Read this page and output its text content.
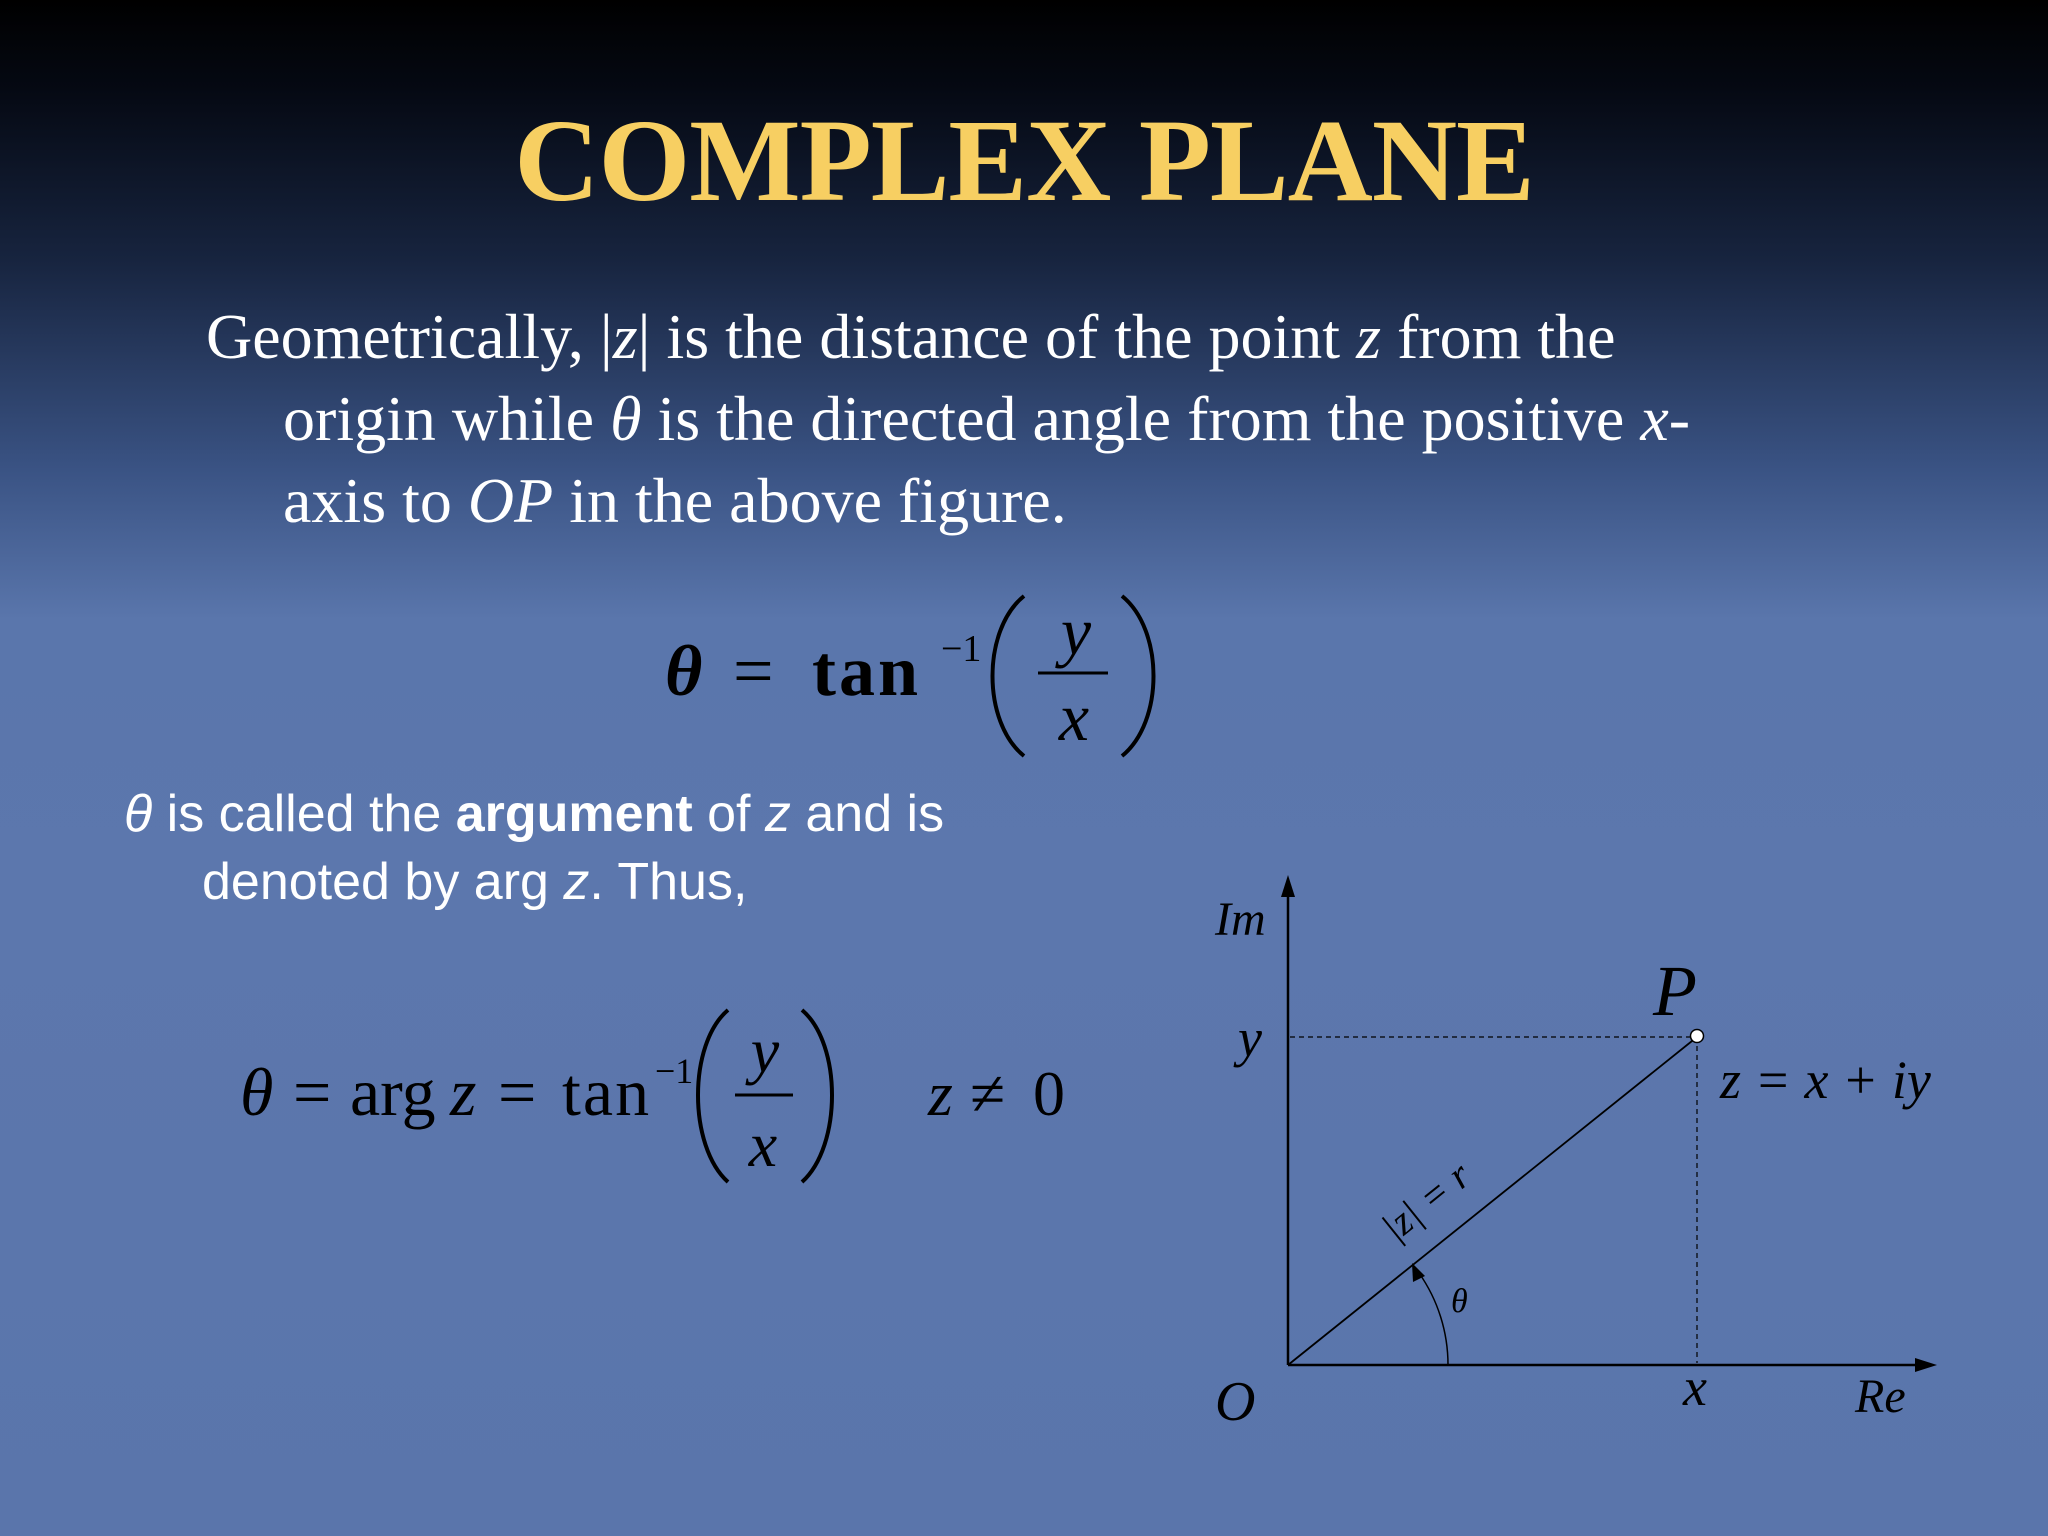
COMPLEX PLANE
Geometrically, |z| is the distance of the point z from the
origin while θ is the directed angle from the positive x-
axis to OP in the above figure.
θ is called the argument of z and is
denoted by arg z. Thus,
θ = tan −1 y
x
θ = arg z = tan −1 y
x
z ≠ 0
Im
Re
O
P
y
x
θ
z = x + iy
|z| = r
